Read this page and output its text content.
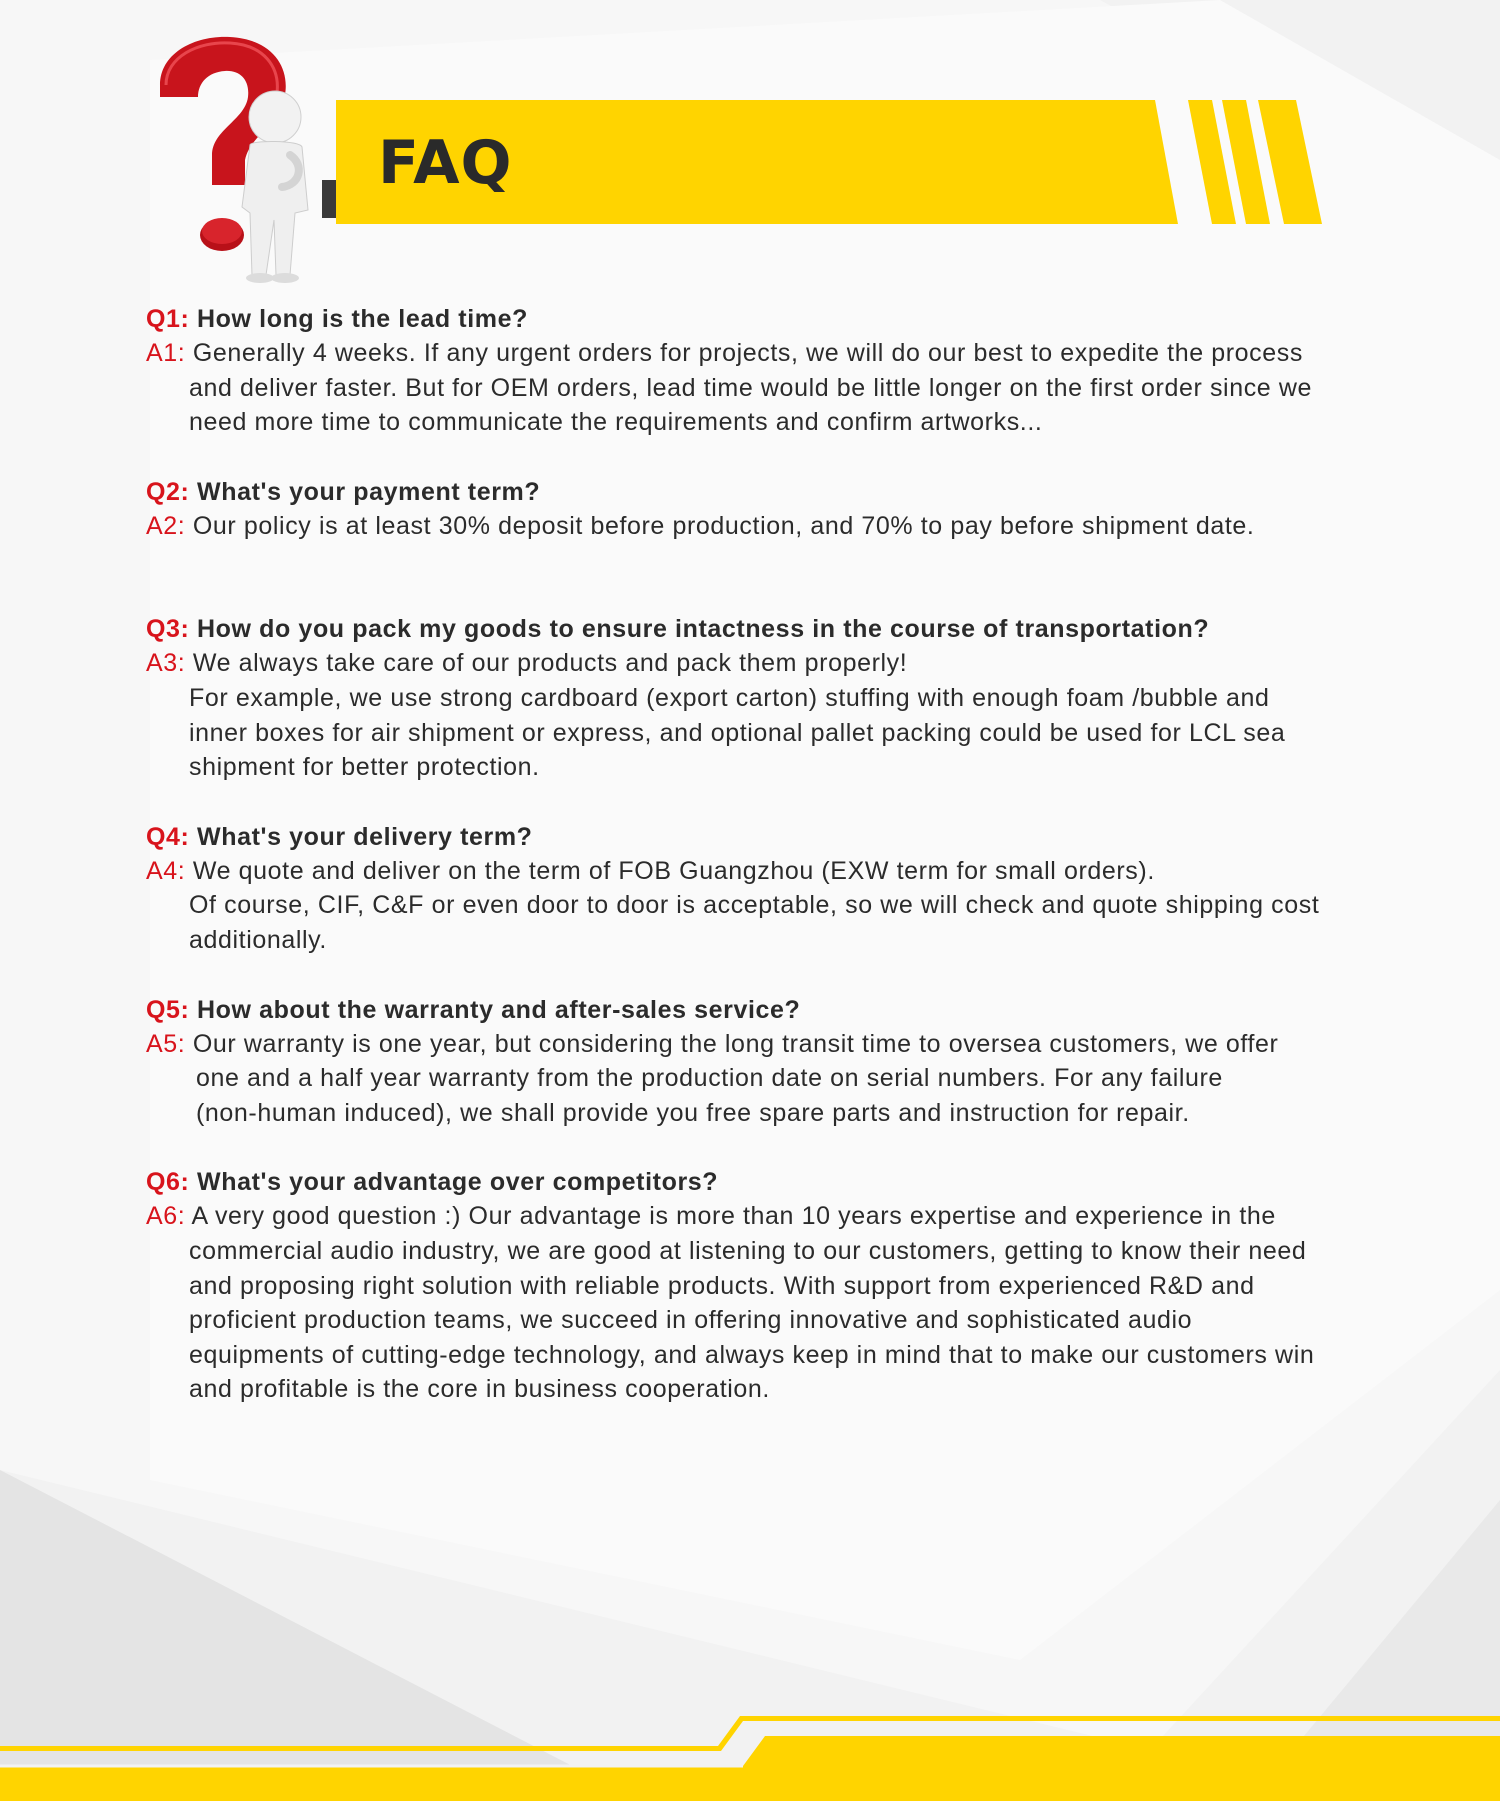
FAQ
Q1: How long is the lead time?
A1: Generally 4 weeks. If any urgent orders for projects, we will do our best to expedite the process
and deliver faster. But for OEM orders, lead time would be little longer on the first order since we
need more time to communicate the requirements and confirm artworks...
Q2: What's your payment term?
A2: Our policy is at least 30% deposit before production, and 70% to pay before shipment date.
Q3: How do you pack my goods to ensure intactness in the course of transportation?
A3: We always take care of our products and pack them properly!
For example, we use strong cardboard (export carton) stuffing with enough foam /bubble and
inner boxes for air shipment or express, and optional pallet packing could be used for LCL sea
shipment for better protection.
Q4: What's your delivery term?
A4: We quote and deliver on the term of FOB Guangzhou (EXW term for small orders).
Of course, CIF, C&F or even door to door is acceptable, so we will check and quote shipping cost
additionally.
Q5: How about the warranty and after-sales service?
A5: Our warranty is one year, but considering the long transit time to oversea customers, we offer
one and a half year warranty from the production date on serial numbers. For any failure
(non-human induced), we shall provide you free spare parts and instruction for repair.
Q6: What's your advantage over competitors?
A6: A very good question :) Our advantage is more than 10 years expertise and experience in the
commercial audio industry, we are good at listening to our customers, getting to know their need
and proposing right solution with reliable products. With support from experienced R&D and
proficient production teams, we succeed in offering innovative and sophisticated audio
equipments of cutting-edge technology, and always keep in mind that to make our customers win
and profitable is the core in business cooperation.
